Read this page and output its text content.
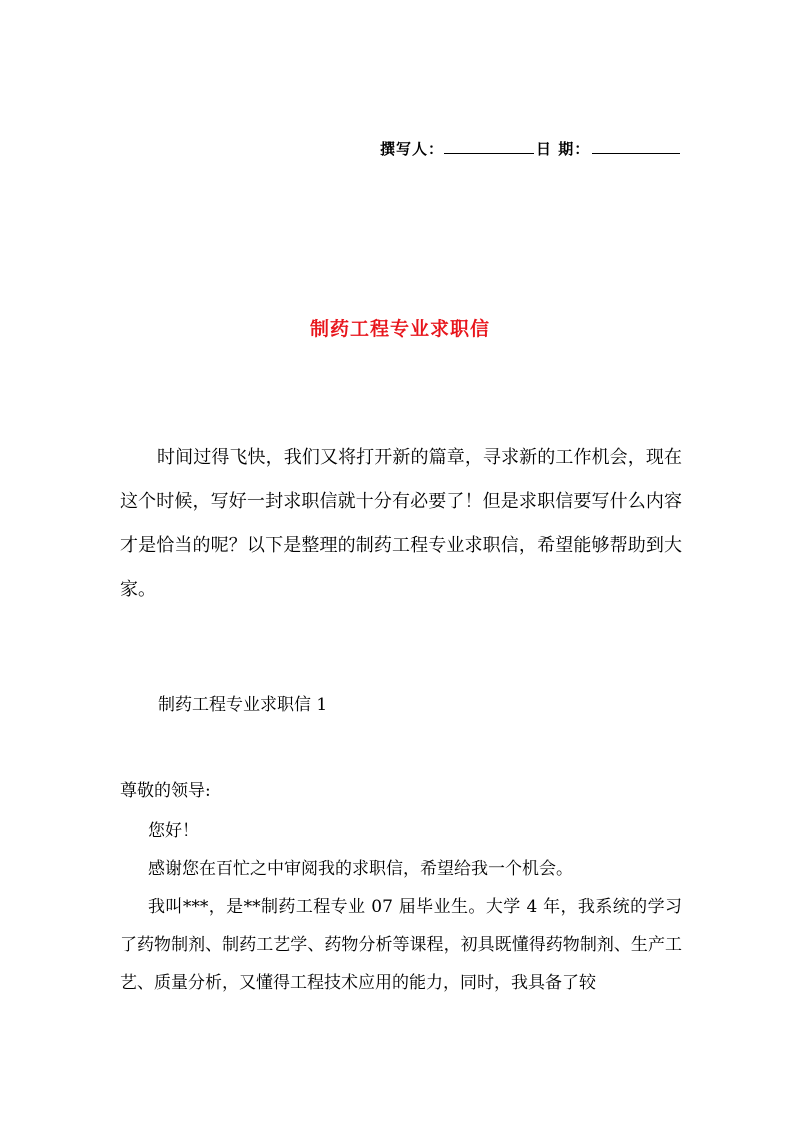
撰写人：	日 期：
制药工程专业求职信

时间过得飞快，我们又将打开新的篇章，寻求新的工作机会，现在这个时候，写好一封求职信就十分有必要了！但是求职信要写什么内容才是恰当的呢？以下是整理的制药工程专业求职信，希望能够帮助到大家。

制药工程专业求职信 1

尊敬的领导:

您好！

感谢您在百忙之中审阅我的求职信，希望给我一个机会。

我叫***，是**制药工程专业 07 届毕业生。大学 4 年，我系统的学习了药物制剂、制药工艺学、药物分析等课程，初具既懂得药物制剂、生产工艺、质量分析，又懂得工程技术应用的能力，同时，我具备了较
